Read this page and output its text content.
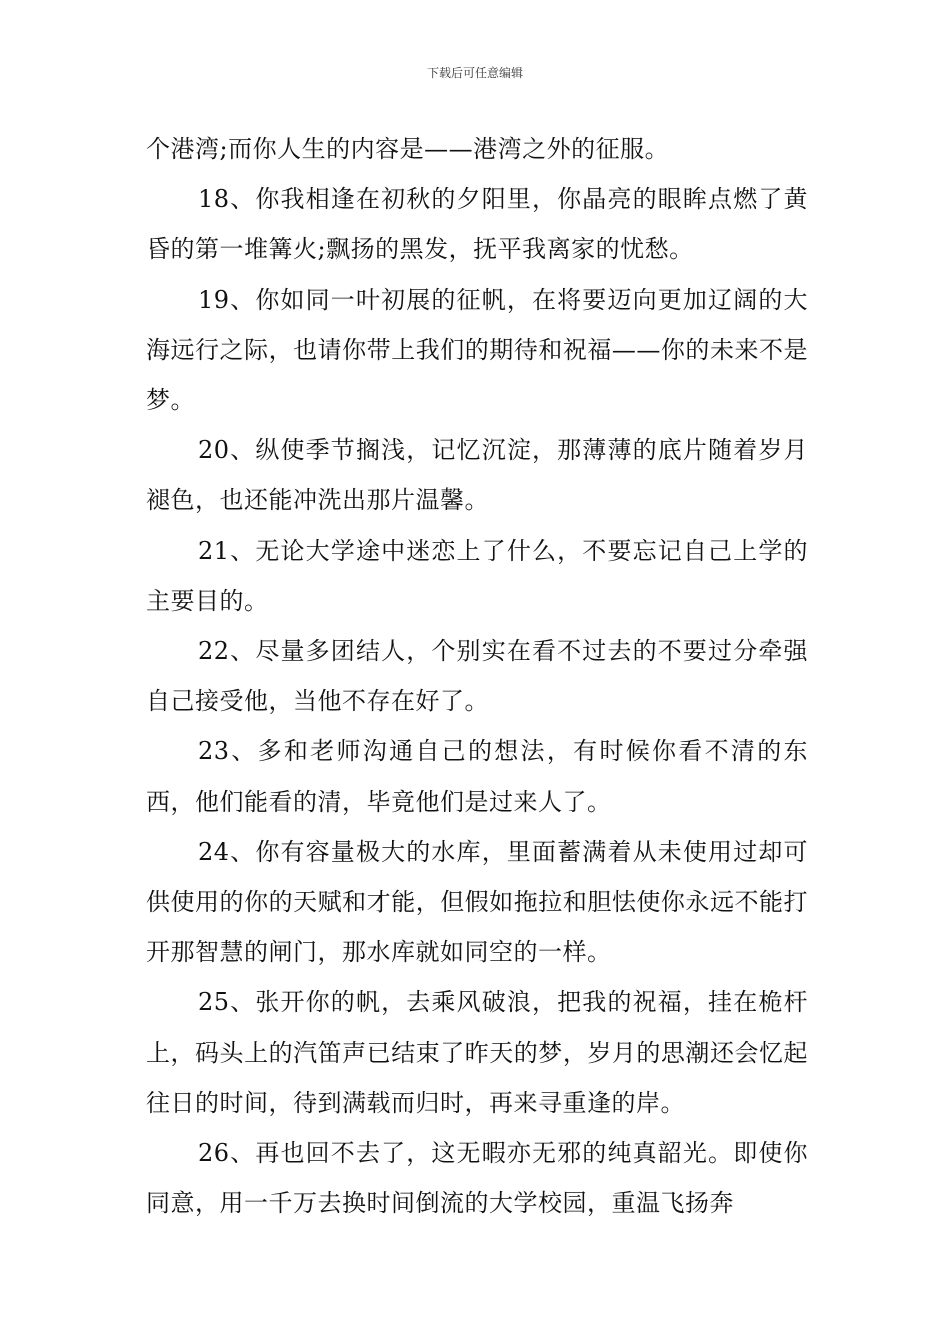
下载后可任意编辑

个港湾;而你人生的内容是——港湾之外的征服。

18、你我相逢在初秋的夕阳里，你晶亮的眼眸点燃了黄昏的第一堆篝火;飘扬的黑发，抚平我离家的忧愁。

19、你如同一叶初展的征帆，在将要迈向更加辽阔的大海远行之际，也请你带上我们的期待和祝福——你的未来不是梦。

20、纵使季节搁浅，记忆沉淀，那薄薄的底片随着岁月褪色，也还能冲洗出那片温馨。

21、无论大学途中迷恋上了什么，不要忘记自己上学的主要目的。

22、尽量多团结人，个别实在看不过去的不要过分牵强自己接受他，当他不存在好了。

23、多和老师沟通自己的想法，有时候你看不清的东西，他们能看的清，毕竟他们是过来人了。

24、你有容量极大的水库，里面蓄满着从未使用过却可供使用的你的天赋和才能，但假如拖拉和胆怯使你永远不能打开那智慧的闸门，那水库就如同空的一样。

25、张开你的帆，去乘风破浪，把我的祝福，挂在桅杆上，码头上的汽笛声已结束了昨天的梦，岁月的思潮还会忆起往日的时间，待到满载而归时，再来寻重逢的岸。

26、再也回不去了，这无暇亦无邪的纯真韶光。即使你同意，用一千万去换时间倒流的大学校园，重温飞扬奔
